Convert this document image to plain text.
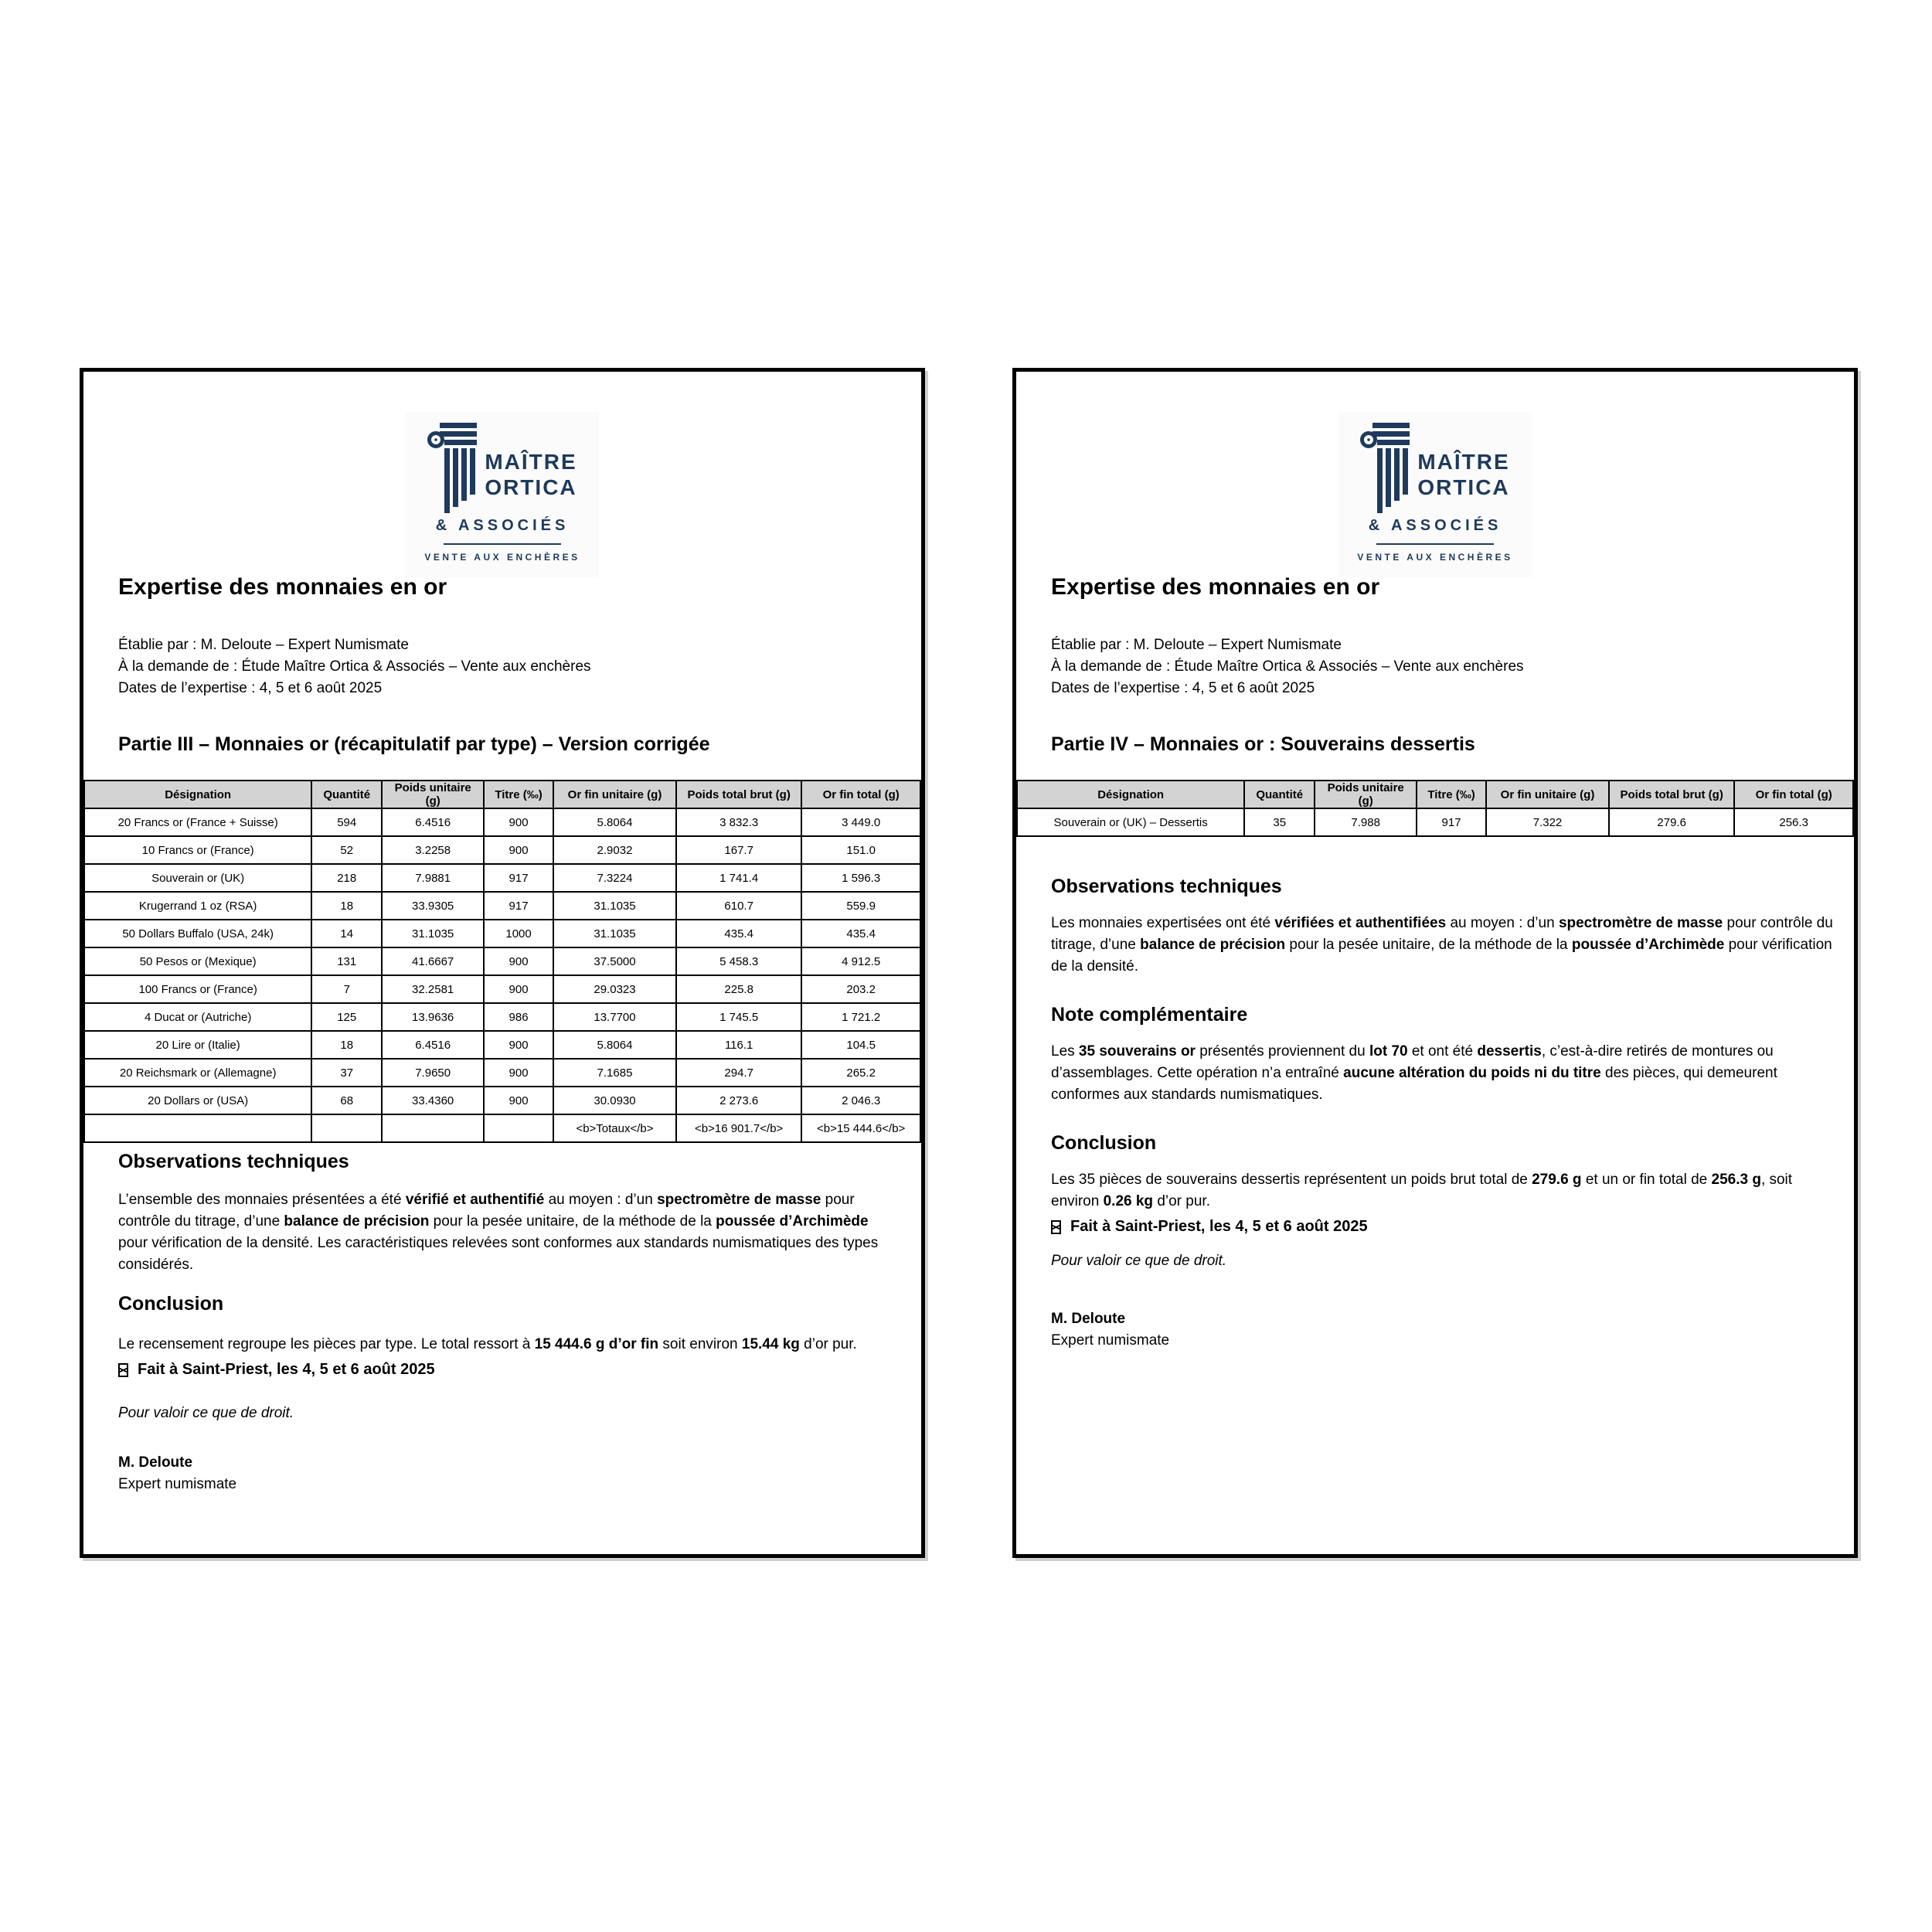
MAÎTRE
ORTICA
& ASSOCIÉS
VENTE AUX ENCHÈRES
Expertise des monnaies en or
Établie par : M. Deloute – Expert Numismate
À la demande de : Étude Maître Ortica & Associés – Vente aux enchères
Dates de l’expertise : 4, 5 et 6 août 2025
Partie III – Monnaies or (récapitulatif par type) – Version corrigée
Désignation	Quantité	Poids unitaire (g)	Titre (‰)	Or fin unitaire (g)	Poids total brut (g)	Or fin total (g)
20 Francs or (France + Suisse)	594	6.4516	900	5.8064	3 832.3	3 449.0
10 Francs or (France)	52	3.2258	900	2.9032	167.7	151.0
Souverain or (UK)	218	7.9881	917	7.3224	1 741.4	1 596.3
Krugerrand 1 oz (RSA)	18	33.9305	917	31.1035	610.7	559.9
50 Dollars Buffalo (USA, 24k)	14	31.1035	1000	31.1035	435.4	435.4
50 Pesos or (Mexique)	131	41.6667	900	37.5000	5 458.3	4 912.5
100 Francs or (France)	7	32.2581	900	29.0323	225.8	203.2
4 Ducat or (Autriche)	125	13.9636	986	13.7700	1 745.5	1 721.2
20 Lire or (Italie)	18	6.4516	900	5.8064	116.1	104.5
20 Reichsmark or (Allemagne)	37	7.9650	900	7.1685	294.7	265.2
20 Dollars or (USA)	68	33.4360	900	30.0930	2 273.6	2 046.3
				<b>Totaux</b>	<b>16 901.7</b>	<b>15 444.6</b>
Observations techniques
L’ensemble des monnaies présentées a été vérifié et authentifié au moyen : d’un spectromètre de masse pour contrôle du titrage, d’une balance de précision pour la pesée unitaire, de la méthode de la poussée d’Archimède pour vérification de la densité. Les caractéristiques relevées sont conformes aux standards numismatiques des types considérés.
Conclusion
Le recensement regroupe les pièces par type. Le total ressort à 15 444.6 g d’or fin soit environ 15.44 kg d’or pur.
Fait à Saint-Priest, les 4, 5 et 6 août 2025
Pour valoir ce que de droit.
M. Deloute
Expert numismate
MAÎTRE
ORTICA
& ASSOCIÉS
VENTE AUX ENCHÈRES
Expertise des monnaies en or
Établie par : M. Deloute – Expert Numismate
À la demande de : Étude Maître Ortica & Associés – Vente aux enchères
Dates de l’expertise : 4, 5 et 6 août 2025
Partie IV – Monnaies or : Souverains dessertis
Désignation	Quantité	Poids unitaire (g)	Titre (‰)	Or fin unitaire (g)	Poids total brut (g)	Or fin total (g)
Souverain or (UK) – Dessertis	35	7.988	917	7.322	279.6	256.3
Observations techniques
Les monnaies expertisées ont été vérifiées et authentifiées au moyen : d’un spectromètre de masse pour contrôle du titrage, d’une balance de précision pour la pesée unitaire, de la méthode de la poussée d’Archimède pour vérification de la densité.
Note complémentaire
Les 35 souverains or présentés proviennent du lot 70 et ont été dessertis, c’est-à-dire retirés de montures ou d’assemblages. Cette opération n’a entraîné aucune altération du poids ni du titre des pièces, qui demeurent conformes aux standards numismatiques.
Conclusion
Les 35 pièces de souverains dessertis représentent un poids brut total de 279.6 g et un or fin total de 256.3 g, soit environ 0.26 kg d’or pur.
Fait à Saint-Priest, les 4, 5 et 6 août 2025
Pour valoir ce que de droit.
M. Deloute
Expert numismate
